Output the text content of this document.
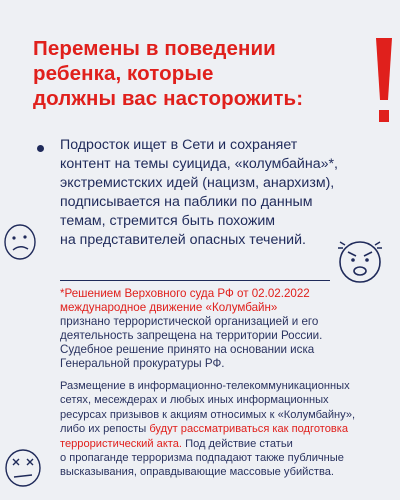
Перемены в поведении
ребенка, которые
должны вас насторожить:
Подросток ищет в Сети и сохраняет
контент на темы суицида, «колумбайна»*,
экстремистских идей (нацизм, анархизм),
подписывается на паблики по данным
темам, стремится быть похожим
на представителей опасных течений.
*Решением Верховного суда РФ от 02.02.2022
международное движение «Колумбайн»
признано террористической организацией и его
деятельность запрещена на территории России.
Судебное решение принято на основании иска
Генеральной прокуратуры РФ.
Размещение в информационно-телекоммуникационных
сетях, месеждерах и любых иных информационных
ресурсах призывов к акциям относимых к «Колумбайну»,
либо их репосты будут рассматриваться как подготовка
террористический акта. Под действие статьи
о пропаганде терроризма подпадают также публичные
высказывания, оправдывающие массовые убийства.
